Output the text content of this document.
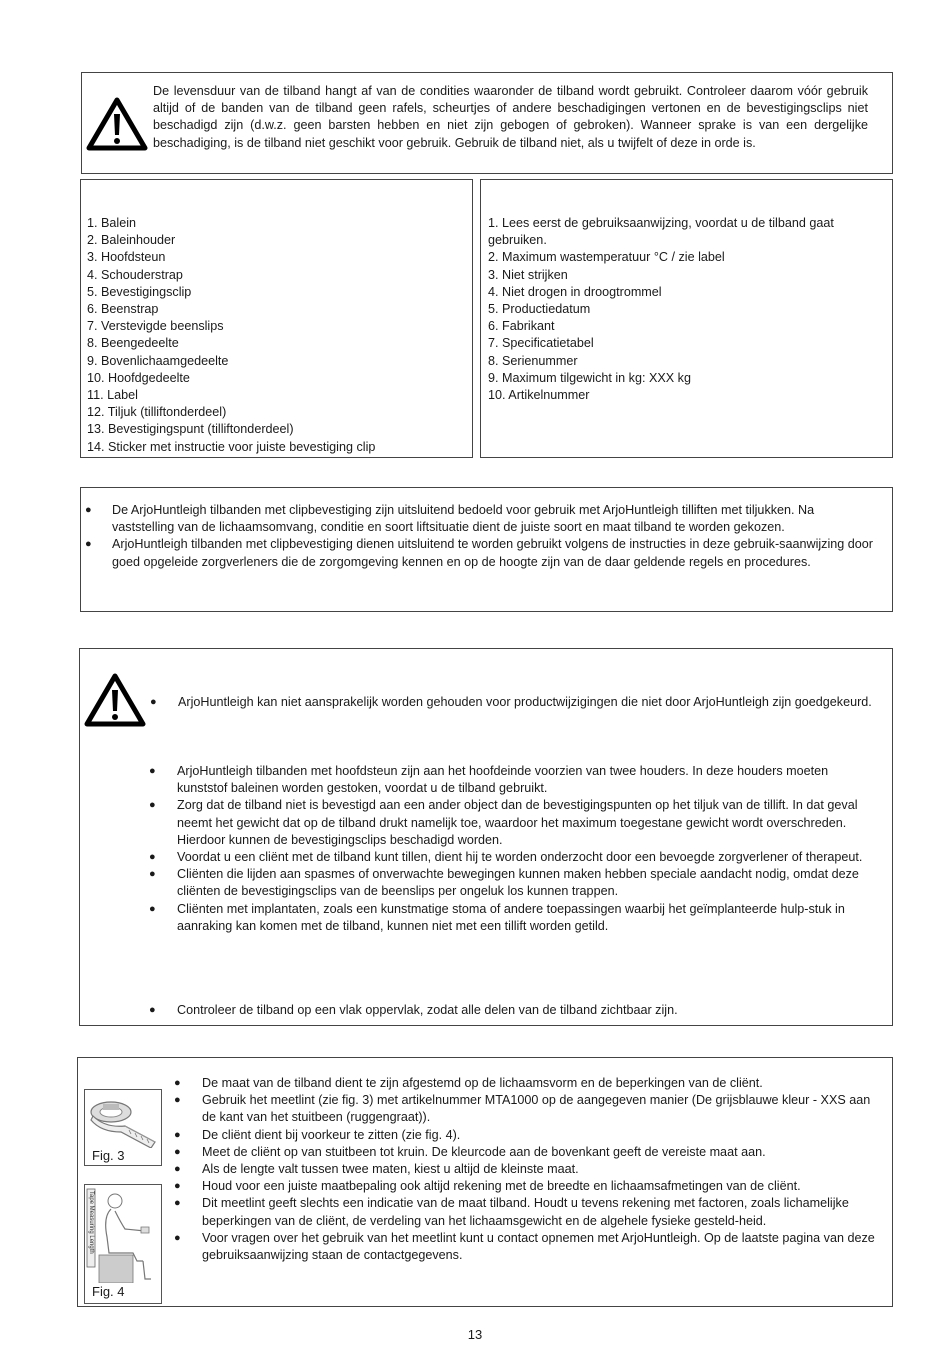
De levensduur van de tilband hangt af van de condities waaronder de tilband wordt gebruikt. Controleer daarom vóór gebruik altijd of de banden van de tilband geen rafels, scheurtjes of andere beschadigingen vertonen en de bevestigingsclips niet beschadigd zijn (d.w.z. geen barsten hebben en niet zijn gebogen of gebroken). Wanneer sprake is van een dergelijke beschadiging, is de tilband niet geschikt voor gebruik. Gebruik de tilband niet, als u twijfelt of deze in orde is.

1. Balein
2. Baleinhouder
3. Hoofdsteun
4. Schouderstrap
5. Bevestigingsclip
6. Beenstrap
7. Verstevigde beenslips
8. Beengedeelte
9. Bovenlichaamgedeelte
10. Hoofdgedeelte
11. Label
12. Tiljuk (tilliftonderdeel)
13. Bevestigingspunt (tilliftonderdeel)
14. Sticker met instructie voor juiste bevestiging clip
1. Lees eerst de gebruiksaanwijzing, voordat u de tilband gaat gebruiken.
2. Maximum wastemperatuur °C / zie label
3. Niet strijken
4. Niet drogen in droogtrommel
5. Productiedatum
6. Fabrikant
7. Specificatietabel
8. Serienummer
9. Maximum tilgewicht in kg: XXX kg
10. Artikelnummer
● De ArjoHuntleigh tilbanden met clipbevestiging zijn uitsluitend bedoeld voor gebruik met ArjoHuntleigh tilliften met tiljukken. Na vaststelling van de lichaamsomvang, conditie en soort liftsituatie dient de juiste soort en maat tilband te worden gekozen.
● ArjoHuntleigh tilbanden met clipbevestiging dienen uitsluitend te worden gebruikt volgens de instructies in deze gebruik-saanwijzing door goed opgeleide zorgverleners die de zorgomgeving kennen en op de hoogte zijn van de daar geldende regels en procedures.
● ArjoHuntleigh kan niet aansprakelijk worden gehouden voor productwijzigingen die niet door ArjoHuntleigh zijn goedgekeurd.
● ArjoHuntleigh tilbanden met hoofdsteun zijn aan het hoofdeinde voorzien van twee houders. In deze houders moeten kunststof baleinen worden gestoken, voordat u de tilband gebruikt.
● Zorg dat de tilband niet is bevestigd aan een ander object dan de bevestigingspunten op het tiljuk van de tillift. In dat geval neemt het gewicht dat op de tilband drukt namelijk toe, waardoor het maximum toegestane gewicht wordt overschreden. Hierdoor kunnen de bevestigingsclips beschadigd worden.
● Voordat u een cliënt met de tilband kunt tillen, dient hij te worden onderzocht door een bevoegde zorgverlener of therapeut.
● Cliënten die lijden aan spasmes of onverwachte bewegingen kunnen maken hebben speciale aandacht nodig, omdat deze cliënten de bevestigingsclips van de beenslips per ongeluk los kunnen trappen.
● Cliënten met implantaten, zoals een kunstmatige stoma of andere toepassingen waarbij het geïmplanteerde hulp-stuk in aanraking kan komen met de tilband, kunnen niet met een tillift worden getild.
● Controleer de tilband op een vlak oppervlak, zodat alle delen van de tilband zichtbaar zijn.
Fig. 3
Tape Measuring Length
Fig. 4
● De maat van de tilband dient te zijn afgestemd op de lichaamsvorm en de beperkingen van de cliënt.
● Gebruik het meetlint (zie fig. 3) met artikelnummer MTA1000 op de aangegeven manier (De grijsblauwe kleur - XXS aan de kant van het stuitbeen (ruggengraat)).
● De cliënt dient bij voorkeur te zitten (zie fig. 4).
● Meet de cliënt op van stuitbeen tot kruin. De kleurcode aan de bovenkant geeft de vereiste maat aan.
● Als de lengte valt tussen twee maten, kiest u altijd de kleinste maat.
● Houd voor een juiste maatbepaling ook altijd rekening met de breedte en lichaamsafmetingen van de cliënt.
● Dit meetlint geeft slechts een indicatie van de maat tilband. Houdt u tevens rekening met factoren, zoals lichamelijke beperkingen van de cliënt, de verdeling van het lichaamsgewicht en de algehele fysieke gesteld-heid.
● Voor vragen over het gebruik van het meetlint kunt u contact opnemen met ArjoHuntleigh. Op de laatste pagina van deze gebruiksaanwijzing staan de contactgegevens.
13
